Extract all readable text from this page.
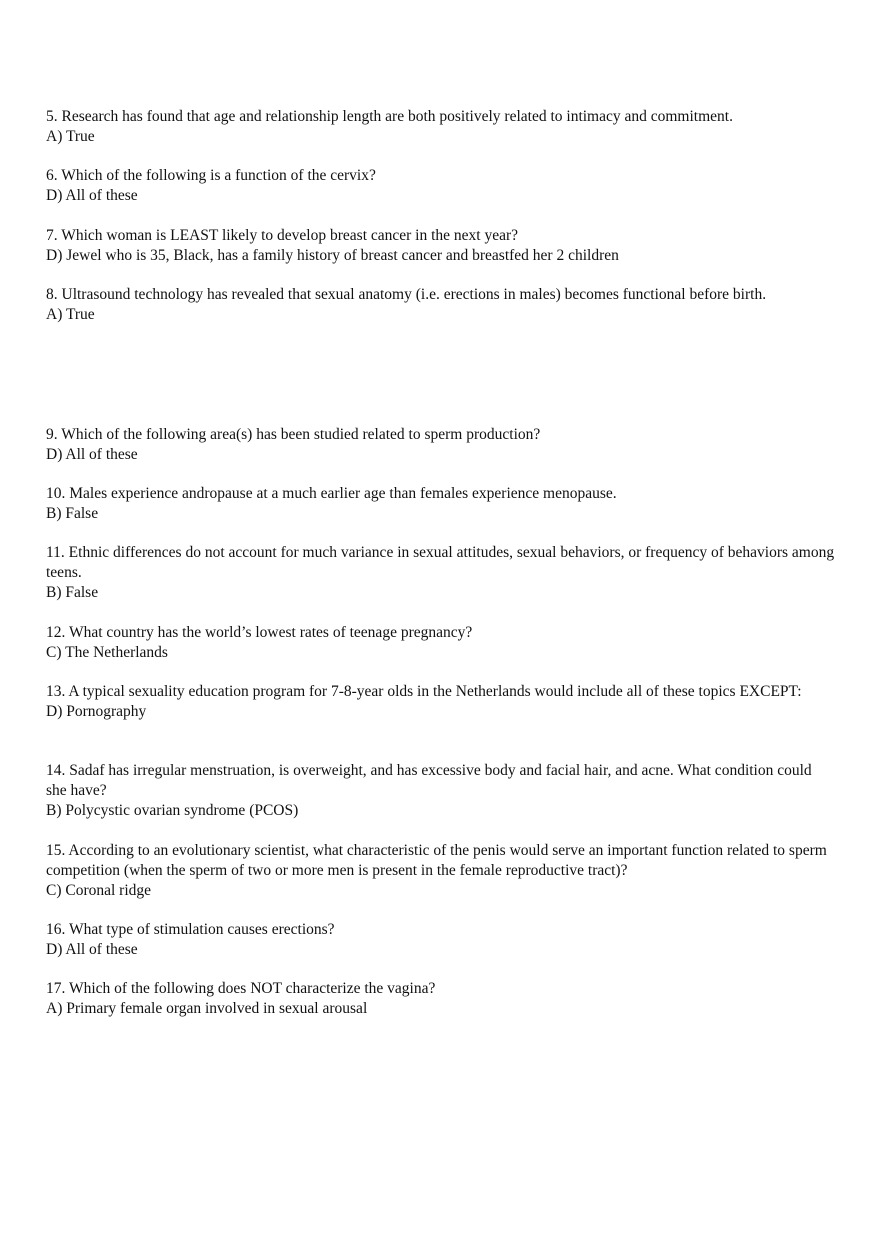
5. Research has found that age and relationship length are both positively related to intimacy and commitment.

A) True

6. Which of the following is a function of the cervix?

D) All of these

7. Which woman is LEAST likely to develop breast cancer in the next year?

D) Jewel who is 35, Black, has a family history of breast cancer and breastfed her 2 children

8. Ultrasound technology has revealed that sexual anatomy (i.e. erections in males) becomes functional before birth.

A) True

9. Which of the following area(s) has been studied related to sperm production?

D) All of these

10. Males experience andropause at a much earlier age than females experience menopause.

B) False

11. Ethnic differences do not account for much variance in sexual attitudes, sexual behaviors, or frequency of behaviors among teens.

B) False

12. What country has the world’s lowest rates of teenage pregnancy?

C) The Netherlands

13. A typical sexuality education program for 7-8-year olds in the Netherlands would include all of these topics EXCEPT:

D) Pornography

14. Sadaf has irregular menstruation, is overweight, and has excessive body and facial hair, and acne. What condition could she have?

B) Polycystic ovarian syndrome (PCOS)

15. According to an evolutionary scientist, what characteristic of the penis would serve an important function related to sperm competition (when the sperm of two or more men is present in the female reproductive tract)?

C) Coronal ridge

16. What type of stimulation causes erections?

D) All of these

17. Which of the following does NOT characterize the vagina?

A) Primary female organ involved in sexual arousal
